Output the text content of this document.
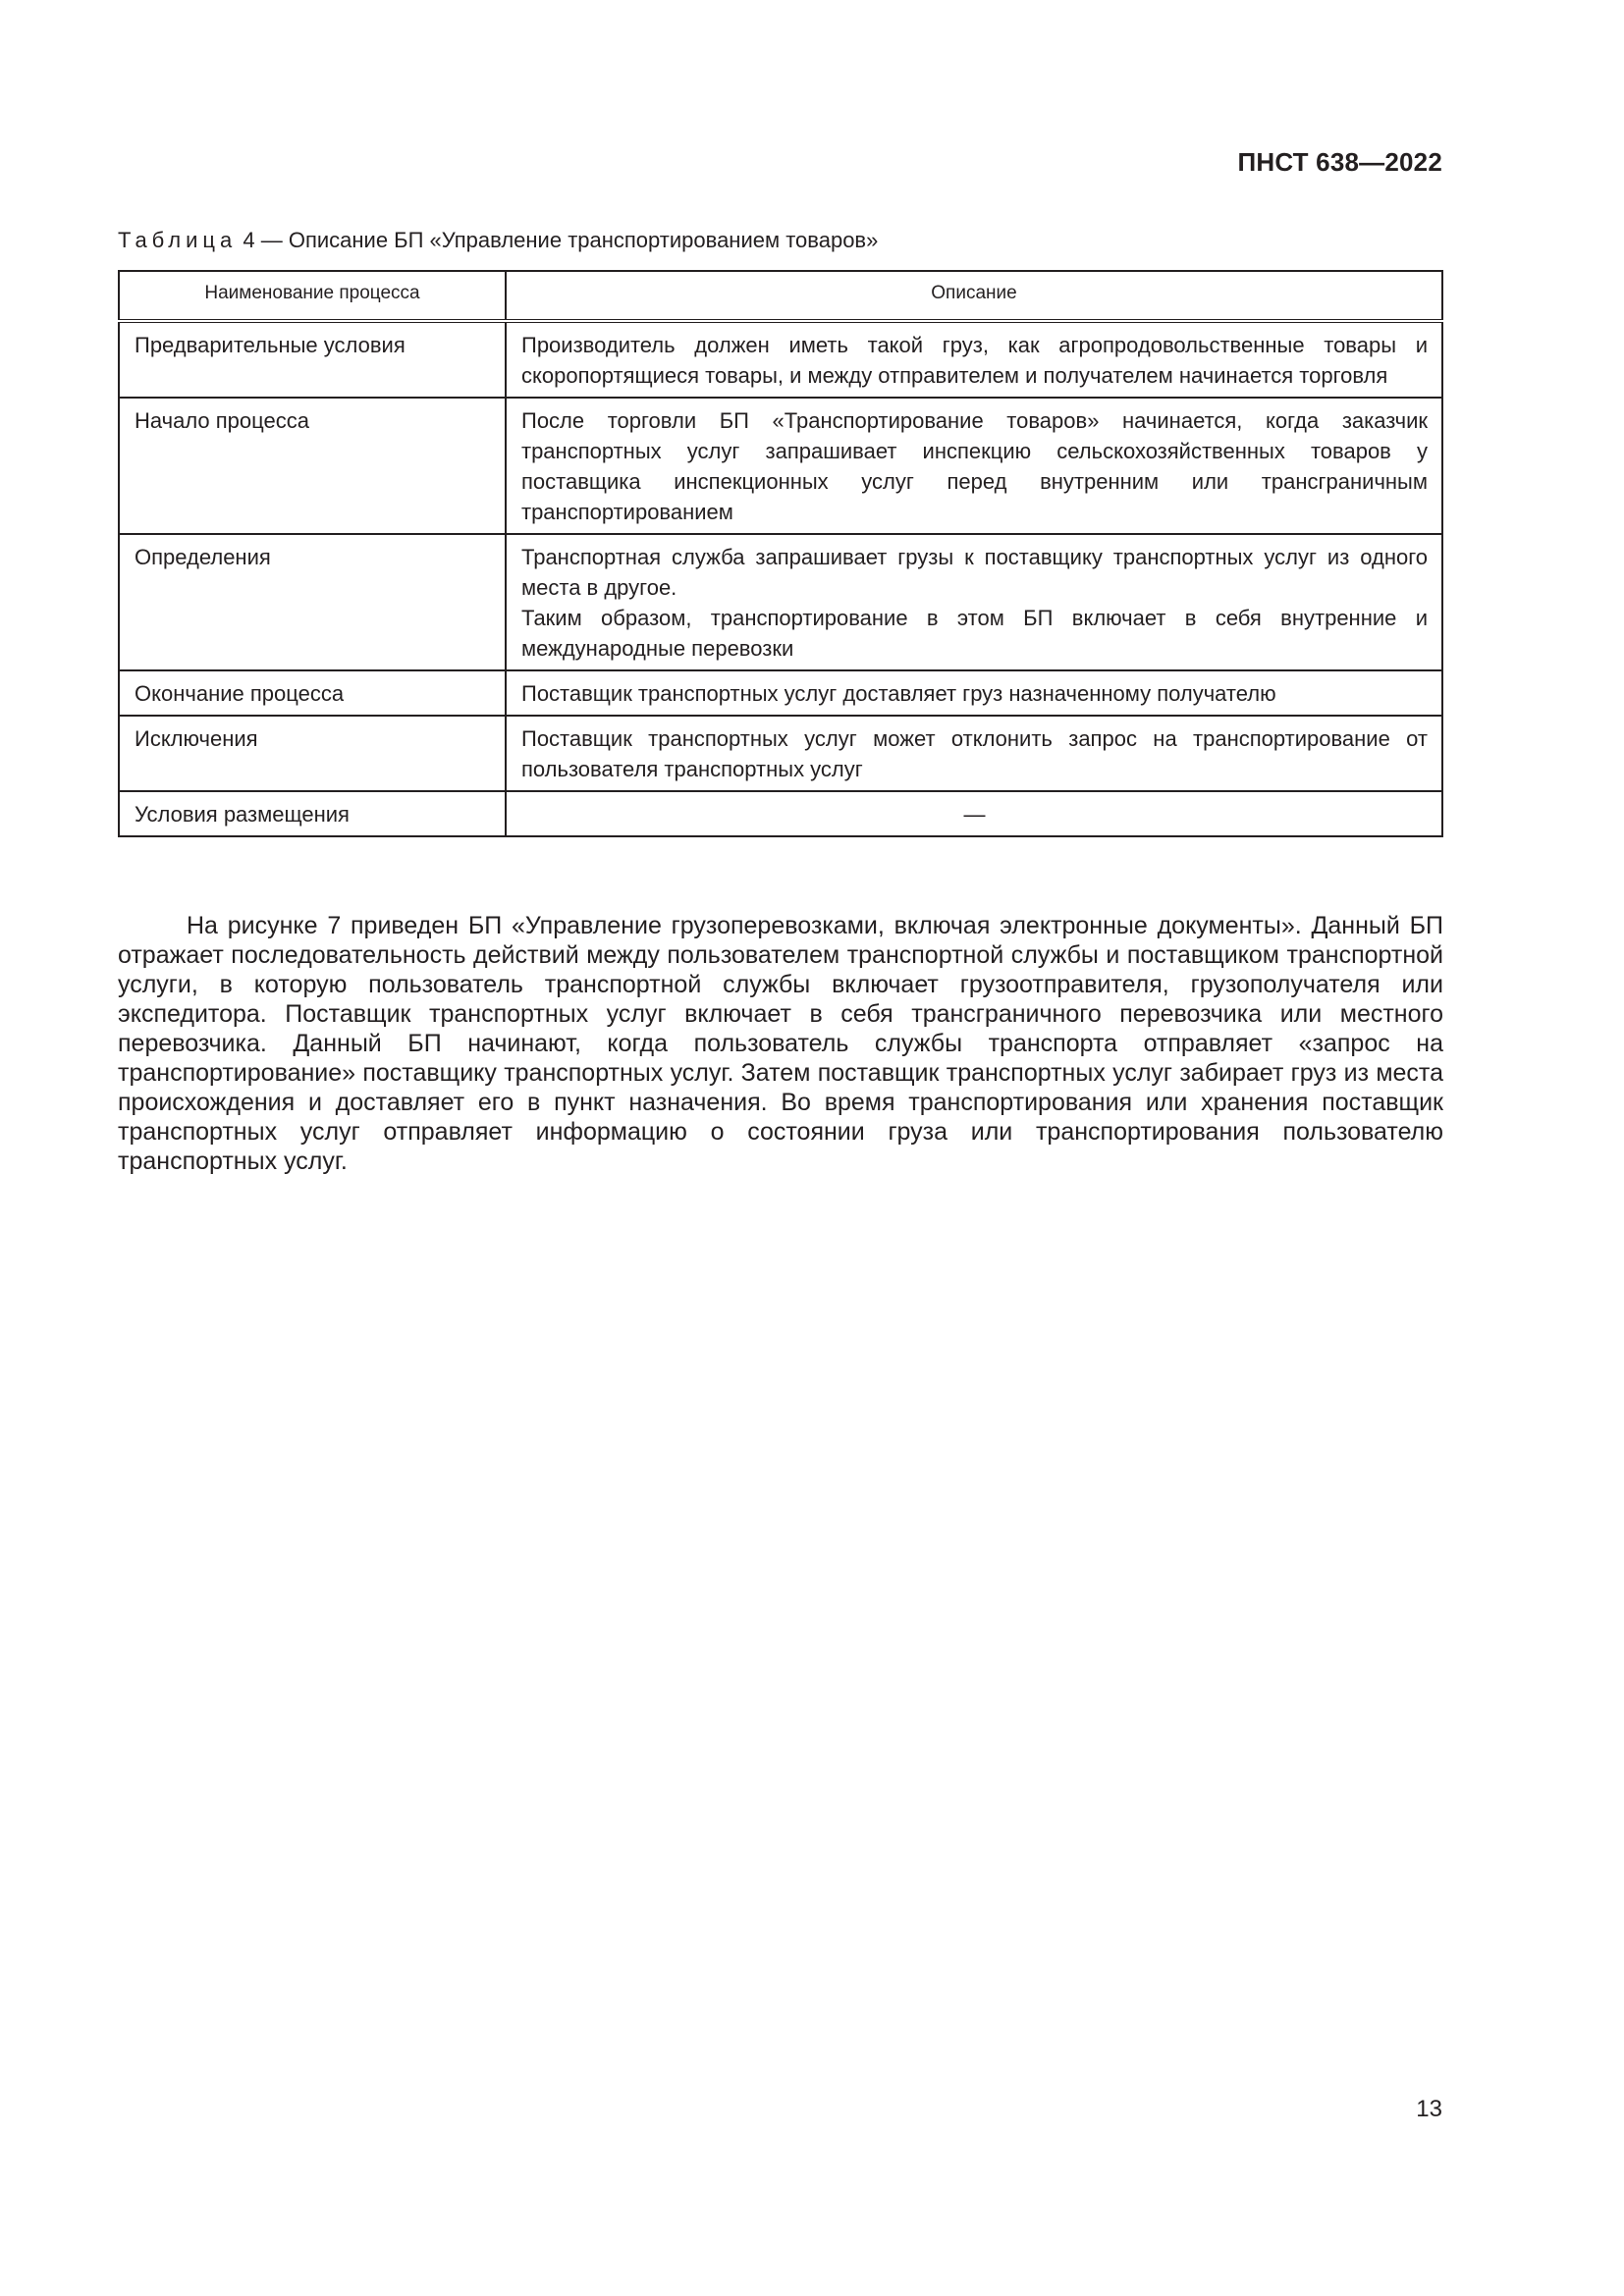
ПНСТ 638—2022
Таблица 4 — Описание БП «Управление транспортированием товаров»
Наименование процесса	Описание
Предварительные условия	Производитель должен иметь такой груз, как агропродовольственные товары и скоропортящиеся товары, и между отправителем и получателем начинается торговля

Начало процесса	После торговли БП «Транспортирование товаров» начинается, когда заказчик транспортных услуг запрашивает инспекцию сельскохозяйственных товаров у поставщика инспекционных услуг перед внутренним или трансграничным транспортированием

Определения	Транспортная служба запрашивает грузы к поставщику транспортных услуг из одного места в другое.
Таким образом, транспортирование в этом БП включает в себя внутренние и международные перевозки

Окончание процесса	Поставщик транспортных услуг доставляет груз назначенному получателю

Исключения	Поставщик транспортных услуг может отклонить запрос на транспортирование от пользователя транспортных услуг

Условия размещения	—

На рисунке 7 приведен БП «Управление грузоперевозками, включая электронные документы». Данный БП отражает последовательность действий между пользователем транспортной службы и поставщиком транспортной услуги, в которую пользователь транспортной службы включает грузоотправителя, грузополучателя или экспедитора. Поставщик транспортных услуг включает в себя трансграничного перевозчика или местного перевозчика. Данный БП начинают, когда пользователь службы транспорта отправляет «запрос на транспортирование» поставщику транспортных услуг. Затем поставщик транспортных услуг забирает груз из места происхождения и доставляет его в пункт назначения. Во время транспортирования или хранения поставщик транспортных услуг отправляет информацию о состоянии груза или транспортирования пользователю транспортных услуг.

13
